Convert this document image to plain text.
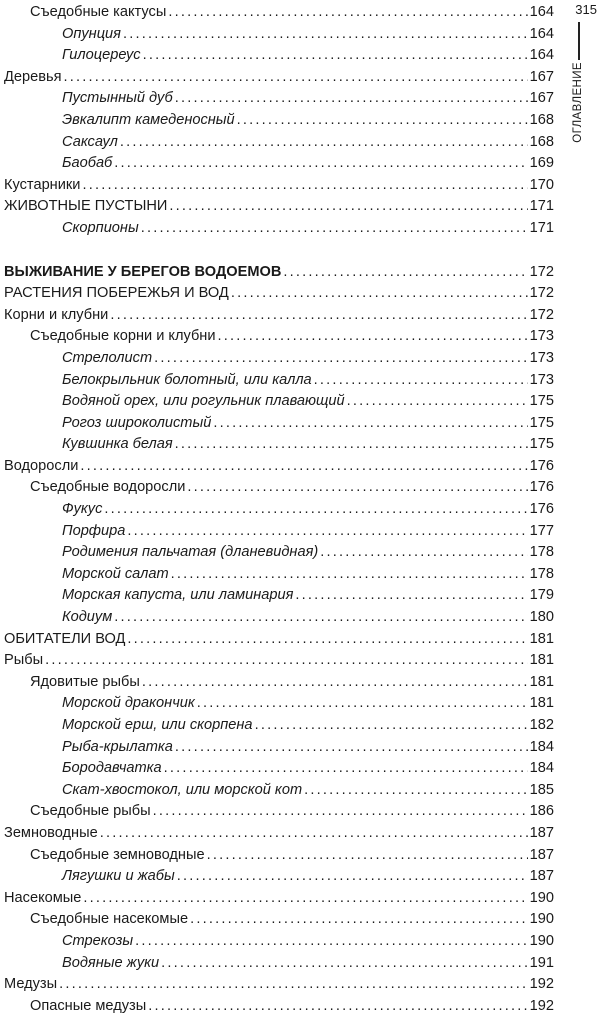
Съедобные кактусы .....	164
Опунция .....	164
Гилоцереус .....	164
Деревья .....	167
Пустынный дуб .....	167
Эвкалипт камеденосный .....	168
Саксаул .....	168
Баобаб .....	169
Кустарники .....	170
ЖИВОТНЫЕ ПУСТЫНИ .....	171
Скорпионы .....	171
ВЫЖИВАНИЕ У БЕРЕГОВ ВОДОЕМОВ .....	172
РАСТЕНИЯ ПОБЕРЕЖЬЯ И ВОД .....	172
Корни и клубни .....	172
Съедобные корни и клубни .....	173
Стрелолист .....	173
Белокрыльник болотный, или калла .....	173
Водяной орех, или рогульник плавающий .....	175
Рогоз широколистый .....	175
Кувшинка белая .....	175
Водоросли .....	176
Съедобные водоросли .....	176
Фукус .....	176
Порфира .....	177
Родимения пальчатая (дланевидная) .....	178
Морской салат .....	178
Морская капуста, или ламинария .....	179
Кодиум .....	180
ОБИТАТЕЛИ ВОД .....	181
Рыбы .....	181
Ядовитые рыбы .....	181
Морской дракончик .....	181
Морской ерш, или скорпена .....	182
Рыба-крылатка .....	184
Бородавчатка .....	184
Скат-хвостокол, или морской кот .....	185
Съедобные рыбы .....	186
Земноводные .....	187
Съедобные земноводные .....	187
Лягушки и жабы .....	187
Насекомые .....	190
Съедобные насекомые .....	190
Стрекозы .....	190
Водяные жуки .....	191
Медузы .....	192
Опасные медузы .....	192
315
ОГЛАВЛЕНИЕ
